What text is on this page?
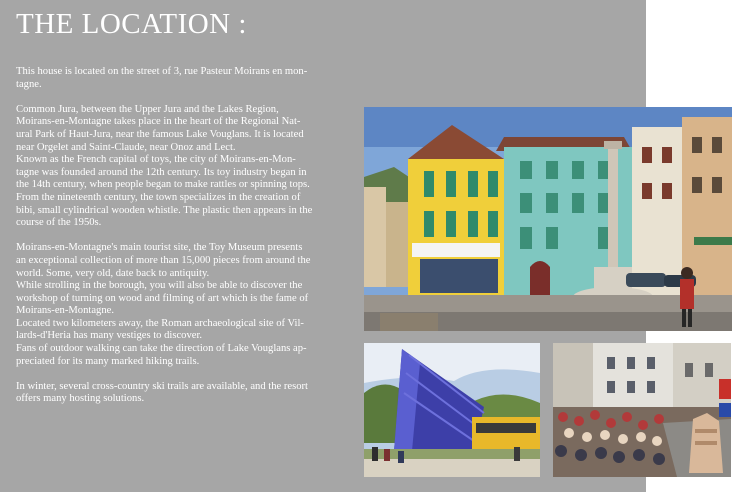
THE LOCATION :

This house is located on the street of 3, rue Pasteur Moirans en mon-
tagne.

Common Jura, between the Upper Jura and the Lakes Region,
Moirans-en-Montagne takes place in the heart of the Regional Nat-
ural Park of Haut-Jura, near the famous Lake Vouglans. It is located
near Orgelet and Saint-Claude, near Onoz and Lect.
Known as the French capital of toys, the city of Moirans-en-Mon-
tagne was founded around the 12th century. Its toy industry began in
the 14th century, when people began to make rattles or spinning tops.
From the nineteenth century, the town specializes in the creation of
bibi, small cylindrical wooden whistle. The plastic then appears in the
course of the 1950s.

Moirans-en-Montagne's main tourist site, the Toy Museum presents
an exceptional collection of more than 15,000 pieces from around the
world. Some, very old, date back to antiquity.
While strolling in the borough, you will also be able to discover the
workshop of turning on wood and filming of art which is the fame of
Moirans-en-Montagne.
Located two kilometers away, the Roman archaeological site of Vil-
lards-d'Heria has many vestiges to discover.
Fans of outdoor walking can take the direction of Lake Vouglans ap-
preciated for its many marked hiking trails.

In winter, several cross-country ski trails are available, and the resort
offers many hosting solutions.
